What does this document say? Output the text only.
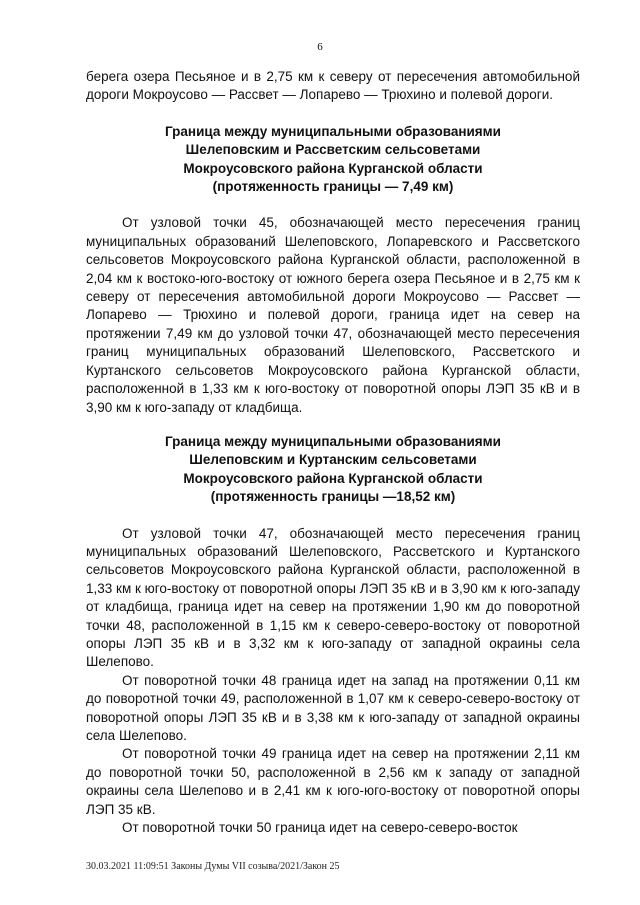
6

берега озера Песьяное и в 2,75 км к северу от пересечения автомобильной дороги Мокроусово — Рассвет — Лопарево — Трюхино и полевой дороги.

Граница между муниципальными образованиями

Шелеповским и Рассветским сельсоветами

Мокроусовского района Курганской области

(протяженность границы — 7,49 км)

От узловой точки 45, обозначающей место пересечения границ муниципальных образований Шелеповского, Лопаревского и Рассветского сельсоветов Мокроусовского района Курганской области, расположенной в 2,04 км к востоко-юго-востоку от южного берега озера Песьяное и в 2,75 км к северу от пересечения автомобильной дороги Мокроусово — Рассвет — Лопарево — Трюхино и полевой дороги, граница идет на север на протяжении 7,49 км до узловой точки 47, обозначающей место пересечения границ муниципальных образований Шелеповского, Рассветского и Куртанского сельсоветов Мокроусовского района Курганской области, расположенной в 1,33 км к юго-востоку от поворотной опоры ЛЭП 35 кВ и в 3,90 км к юго-западу от кладбища.

Граница между муниципальными образованиями

Шелеповским и Куртанским сельсоветами

Мокроусовского района Курганской области

(протяженность границы —18,52 км)

От узловой точки 47, обозначающей место пересечения границ муниципальных образований Шелеповского, Рассветского и Куртанского сельсоветов Мокроусовского района Курганской области, расположенной в 1,33 км к юго-востоку от поворотной опоры ЛЭП 35 кВ и в 3,90 км к юго-западу от кладбища, граница идет на север на протяжении 1,90 км до поворотной точки 48, расположенной в 1,15 км к северо-северо-востоку от поворотной опоры ЛЭП 35 кВ и в 3,32 км к юго-западу от западной окраины села Шелепово.

От поворотной точки 48 граница идет на запад на протяжении 0,11 км до поворотной точки 49, расположенной в 1,07 км к северо-северо-востоку от поворотной опоры ЛЭП 35 кВ и в 3,38 км к юго-западу от западной окраины села Шелепово.

От поворотной точки 49 граница идет на север на протяжении 2,11 км до поворотной точки 50, расположенной в 2,56 км к западу от западной окраины села Шелепово и в 2,41 км к юго-юго-востоку от поворотной опоры ЛЭП 35 кВ.

От поворотной точки 50 граница идет на северо-северо-восток

30.03.2021 11:09:51 Законы Думы VII созыва/2021/Закон 25
